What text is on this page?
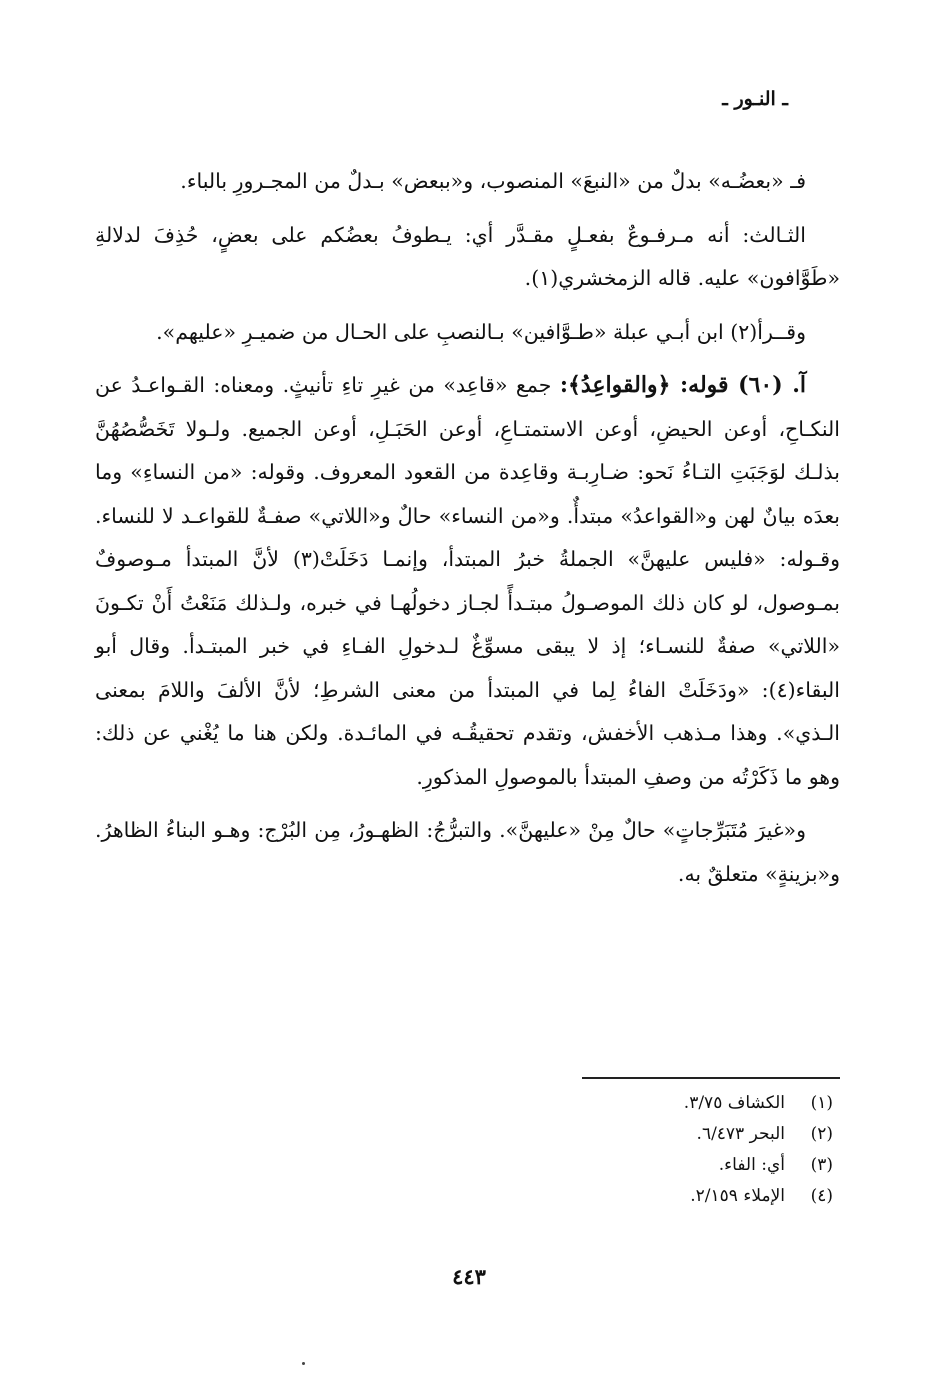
ـ النـور ـ

فـ «بعضُـه» بدلٌ من «النبعَ» المنصوب، و«ببعض» بـدلٌ من المجـرورِ بالباء.

الثـالث: أنه مـرفـوعٌ بفعـلٍ مقـدَّر أي: يـطوفُ بعضُكم على بعضٍ، حُذِفَ لدلالةِ «طَوَّافون» عليه. قاله الزمخشري(١).

وقــرأ(٢) ابن أبـي عبلة «طـوَّافين» بـالنصبِ على الحـال من ضميـرِ «عليهم».

آ. (٦٠) قوله: ﴿والقواعِدُ﴾: جمع «قاعِد» من غيرِ تاءِ تأنيثٍ. ومعناه: القـواعـدُ عن النكـاحِ، أوعن الحيضِ، أوعن الاستمتـاعِ، أوعن الحَبَـلِ، أوعن الجميع. ولـولا تَخَصُّصُهُنَّ بذلـك لوَجَبَتِ التـاءُ نَحو: ضـارِبـة وقاعِدة من القعود المعروف. وقوله: «من النساءِ» وما بعدَه بيانٌ لهن و«القواعدُ» مبتدأٌ. و«من النساء» حالٌ و«اللاتي» صفـةٌ للقواعـد لا للنساء. وقـوله: «فليس عليهنَّ» الجملةُ خبرُ المبتدأ، وإنمـا دَخَلَتْ(٣) لأنَّ المبتدأ مـوصوفٌ بمـوصول، لو كان ذلك الموصـولُ مبتـدأً لجـاز دخولُهـا في خبره، ولـذلك مَنَعْتُ أَنْ تكـونَ «اللاتي» صفةٌ للنسـاء؛ إذ لا يبقى مسوِّغٌ لـدخولِ الفـاءِ في خبر المبتـدأ. وقال أبو البقاء(٤): «ودَخَلَتْ الفاءُ لِما في المبتدأ من معنى الشرطِ؛ لأنَّ الألفَ واللامَ بمعنى الـذي». وهذا مـذهب الأخفش، وتقدم تحقيقُـه في المائـدة. ولكن هنا ما يُغْني عن ذلك: وهو ما ذَكَرْتُه من وصفِ المبتدأ بالموصولِ المذكورِ.

و«غيرَ مُتَبَرِّجاتٍ» حالٌ مِنْ «عليهنَّ». والتبرُّجُ: الظهـورُ، مِن البُرْج: وهـو البناءُ الظاهرُ. و«بزينةٍ» متعلقٌ به.

(١)
الكشاف ٣/٧٥.
(٢)
البحر ٦/٤٧٣.
(٣)
أي: الفاء.
(٤)
الإملاء ٢/١٥٩.
٤٤٣
